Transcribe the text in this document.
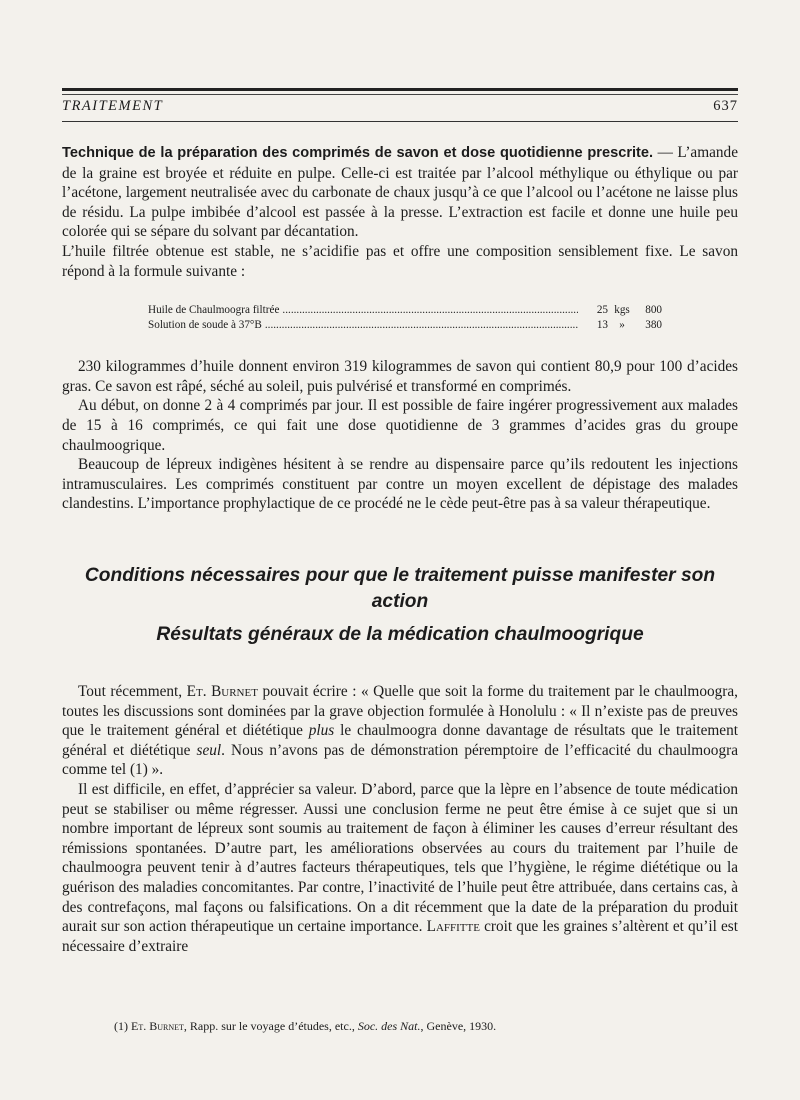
TRAITEMENT	637

Technique de la préparation des comprimés de savon et dose quotidienne prescrite. — L’amande de la graine est broyée et réduite en pulpe. Celle-ci est traitée par l’alcool méthylique ou éthylique ou par l’acétone, largement neutralisée avec du carbonate de chaux jusqu’à ce que l’alcool ou l’acétone ne laisse plus de résidu. La pulpe imbibée d’alcool est passée à la presse. L’extraction est facile et donne une huile peu colorée qui se sépare du solvant par décantation.

L’huile filtrée obtenue est stable, ne s’acidifie pas et offre une composition sensiblement fixe. Le savon répond à la formule suivante :

Huile de Chaulmoogra filtrée .....	25 kgs	800
Solution de soude à 37°B .....	13	»	380

230 kilogrammes d’huile donnent environ 319 kilogrammes de savon qui contient 80,9 pour 100 d’acides gras. Ce savon est râpé, séché au soleil, puis pulvérisé et transformé en comprimés.

Au début, on donne 2 à 4 comprimés par jour. Il est possible de faire ingérer progressivement aux malades de 15 à 16 comprimés, ce qui fait une dose quotidienne de 3 grammes d’acides gras du groupe chaulmoogrique.

Beaucoup de lépreux indigènes hésitent à se rendre au dispensaire parce qu’ils redoutent les injections intramusculaires. Les comprimés constituent par contre un moyen excellent de dépistage des malades clandestins. L’importance prophylactique de ce procédé ne le cède peut-être pas à sa valeur thérapeutique.

Conditions nécessaires pour que le traitement puisse manifester son action

Résultats généraux de la médication chaulmoogrique

Tout récemment, Et. Burnet pouvait écrire : « Quelle que soit la forme du traitement par le chaulmoogra, toutes les discussions sont dominées par la grave objection formulée à Honolulu : « Il n’existe pas de preuves que le traitement général et diététique plus le chaulmoogra donne davantage de résultats que le traitement général et diététique seul. Nous n’avons pas de démonstration péremptoire de l’efficacité du chaulmoogra comme tel (1) ».

Il est difficile, en effet, d’apprécier sa valeur. D’abord, parce que la lèpre en l’absence de toute médication peut se stabiliser ou même régresser. Aussi une conclusion ferme ne peut être émise à ce sujet que si un nombre important de lépreux sont soumis au traitement de façon à éliminer les causes d’erreur résultant des rémissions spontanées. D’autre part, les améliorations observées au cours du traitement par l’huile de chaulmoogra peuvent tenir à d’autres facteurs thérapeutiques, tels que l’hygiène, le régime diététique ou la guérison des maladies concomitantes. Par contre, l’inactivité de l’huile peut être attribuée, dans certains cas, à des contrefaçons, mal façons ou falsifications. On a dit récemment que la date de la préparation du produit aurait sur son action thérapeutique un certaine importance. Laffitte croit que les graines s’altèrent et qu’il est nécessaire d’extraire

(1) Et. Burnet, Rapp. sur le voyage d’études, etc., Soc. des Nat., Genève, 1930.
